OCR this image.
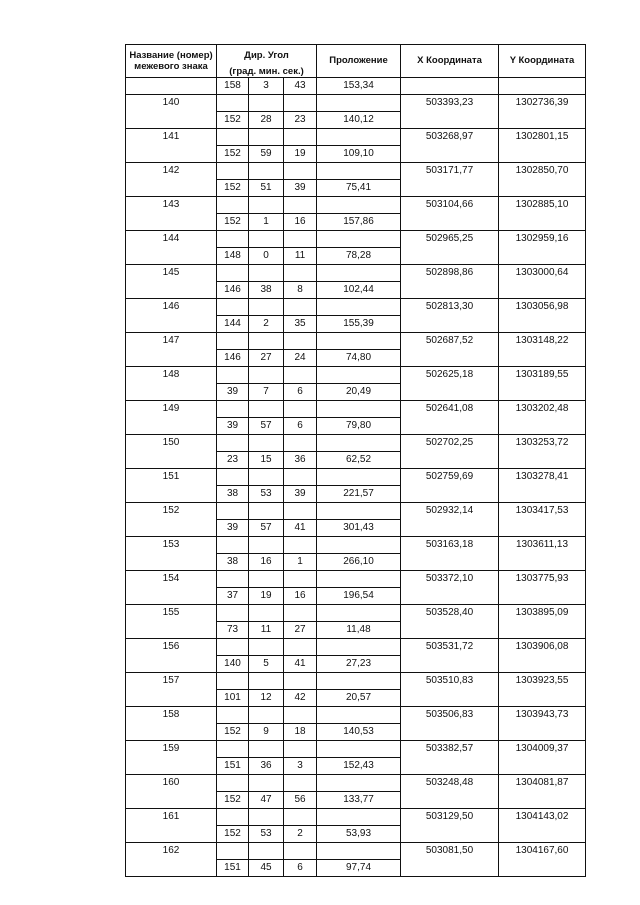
Название (номер) межевого знака	Дир. Угол			Проложение	X Координата	Y Координата

	(град. мин. сек.)					

	158	3	43	153,34		
140					503393,23	1302736,39
	152	28	23	140,12		
141					503268,97	1302801,15
	152	59	19	109,10		
142					503171,77	1302850,70
	152	51	39	75,41		
143					503104,66	1302885,10
	152	1	16	157,86		
144					502965,25	1302959,16
	148	0	11	78,28		
145					502898,86	1303000,64
	146	38	8	102,44		
146					502813,30	1303056,98
	144	2	35	155,39		
147					502687,52	1303148,22
	146	27	24	74,80		
148					502625,18	1303189,55
	39	7	6	20,49		
149					502641,08	1303202,48
	39	57	6	79,80		
150					502702,25	1303253,72
	23	15	36	62,52		
151					502759,69	1303278,41
	38	53	39	221,57		
152					502932,14	1303417,53
	39	57	41	301,43		
153					503163,18	1303611,13
	38	16	1	266,10		
154					503372,10	1303775,93
	37	19	16	196,54		
155					503528,40	1303895,09
	73	11	27	11,48		
156					503531,72	1303906,08
	140	5	41	27,23		
157					503510,83	1303923,55
	101	12	42	20,57		
158					503506,83	1303943,73
	152	9	18	140,53		
159					503382,57	1304009,37
	151	36	3	152,43		
160					503248,48	1304081,87
	152	47	56	133,77		
161					503129,50	1304143,02
	152	53	2	53,93		
162					503081,50	1304167,60
	151	45	6	97,74		
